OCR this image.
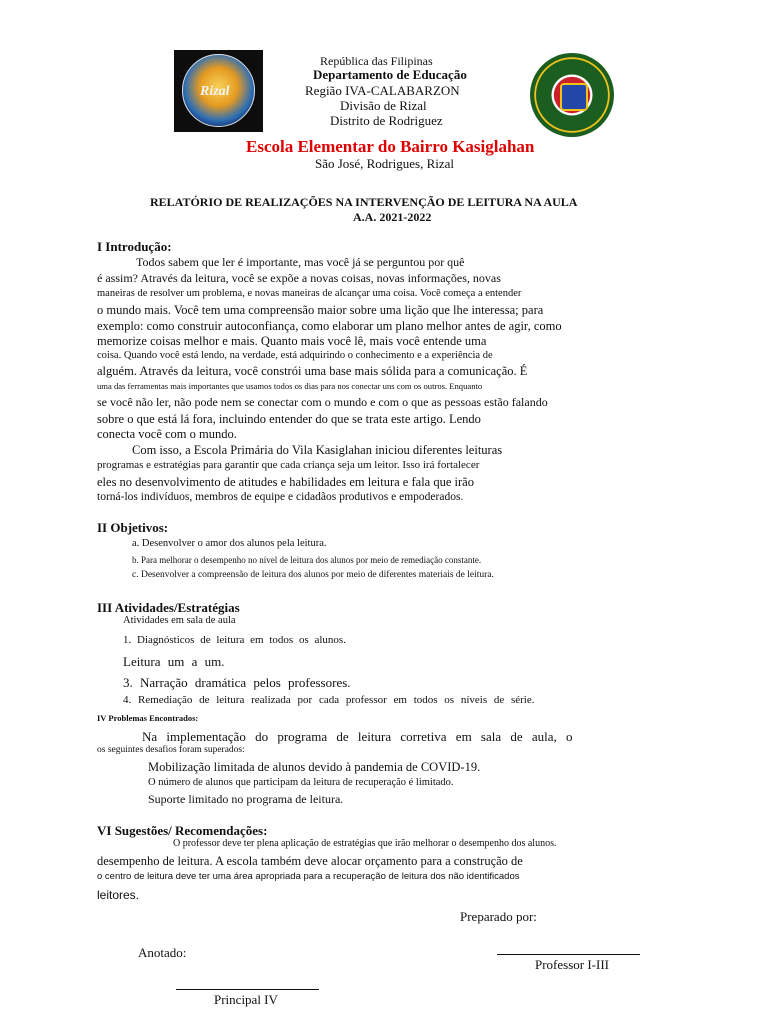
Rizal
República das Filipinas
Departamento de Educação
Região IVA-CALABARZON
Divisão de Rizal
Distrito de Rodriguez
Escola Elementar do Bairro Kasiglahan
São José, Rodrigues, Rizal
RELATÓRIO DE REALIZAÇÕES NA INTERVENÇÃO DE LEITURA NA AULA
A.A. 2021-2022
I Introdução:
Todos sabem que ler é importante, mas você já se perguntou por quê
é assim? Através da leitura, você se expõe a novas coisas, novas informações, novas
maneiras de resolver um problema, e novas maneiras de alcançar uma coisa. Você começa a entender
o mundo mais. Você tem uma compreensão maior sobre uma lição que lhe interessa; para
exemplo: como construir autoconfiança, como elaborar um plano melhor antes de agir, como
memorize coisas melhor e mais. Quanto mais você lê, mais você entende uma
coisa. Quando você está lendo, na verdade, está adquirindo o conhecimento e a experiência de
alguém. Através da leitura, você constrói uma base mais sólida para a comunicação. É
uma das ferramentas mais importantes que usamos todos os dias para nos conectar uns com os outros. Enquanto
se você não ler, não pode nem se conectar com o mundo e com o que as pessoas estão falando
sobre o que está lá fora, incluindo entender do que se trata este artigo. Lendo
conecta você com o mundo.
Com isso, a Escola Primária do Vila Kasiglahan iniciou diferentes leituras
programas e estratégias para garantir que cada criança seja um leitor. Isso irá fortalecer
eles no desenvolvimento de atitudes e habilidades em leitura e fala que irão
torná-los indivíduos, membros de equipe e cidadãos produtivos e empoderados.
II Objetivos:
a. Desenvolver o amor dos alunos pela leitura.
b. Para melhorar o desempenho no nível de leitura dos alunos por meio de remediação constante.
c. Desenvolver a compreensão de leitura dos alunos por meio de diferentes materiais de leitura.
III Atividades/Estratégias
Atividades em sala de aula
1. Diagnósticos de leitura em todos os alunos.
Leitura um a um.
3. Narração dramática pelos professores.
4. Remediação de leitura realizada por cada professor em todos os níveis de série.
IV Problemas Encontrados:
Na implementação do programa de leitura corretiva em sala de aula, o
os seguintes desafios foram superados:
Mobilização limitada de alunos devido à pandemia de COVID-19.
O número de alunos que participam da leitura de recuperação é limitado.
Suporte limitado no programa de leitura.
VI Sugestões/ Recomendações:
O professor deve ter plena aplicação de estratégias que irão melhorar o desempenho dos alunos.
desempenho de leitura. A escola também deve alocar orçamento para a construção de
o centro de leitura deve ter uma área apropriada para a recuperação de leitura dos não identificados
leitores.
Preparado por:
Anotado:
Professor I-III
Principal IV
